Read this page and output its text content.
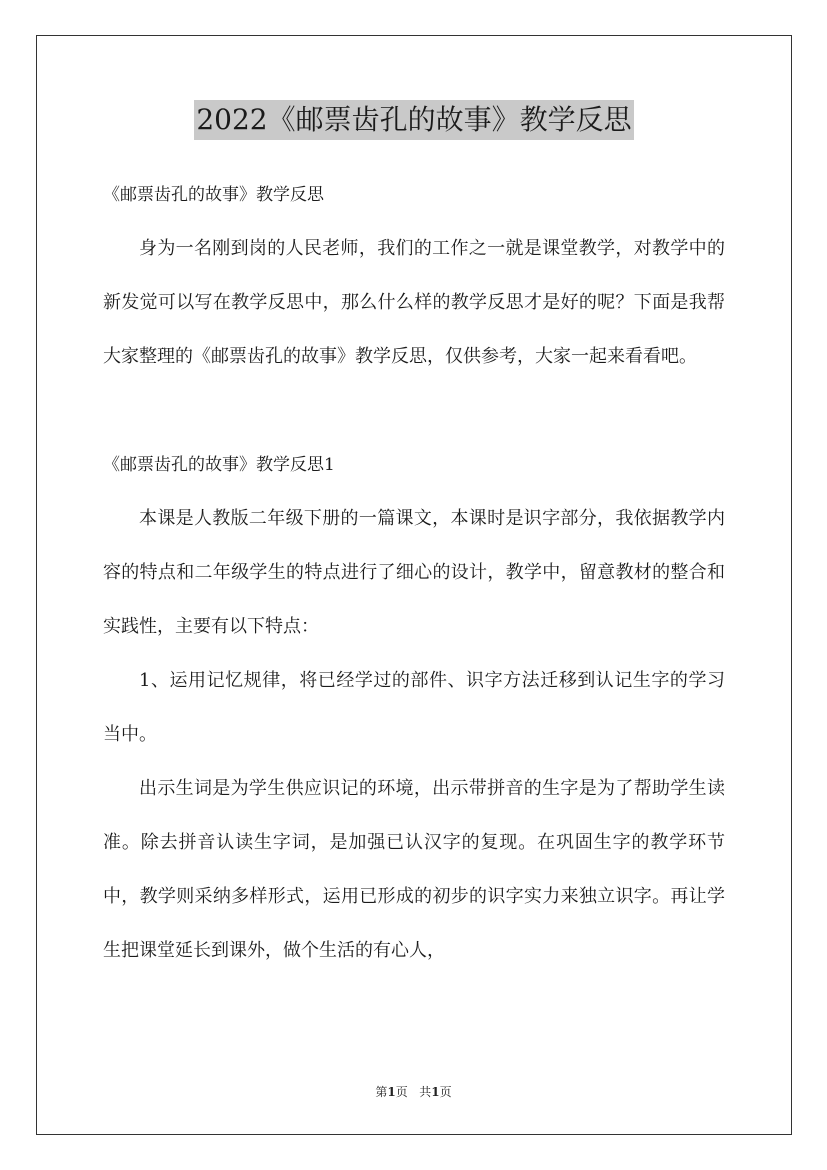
2022《邮票齿孔的故事》教学反思

《邮票齿孔的故事》教学反思

身为一名刚到岗的人民老师，我们的工作之一就是课堂教学，对教学中的新发觉可以写在教学反思中，那么什么样的教学反思才是好的呢？下面是我帮大家整理的《邮票齿孔的故事》教学反思，仅供参考，大家一起来看看吧。

《邮票齿孔的故事》教学反思1

本课是人教版二年级下册的一篇课文，本课时是识字部分，我依据教学内容的特点和二年级学生的特点进行了细心的设计，教学中，留意教材的整合和实践性，主要有以下特点：

1、运用记忆规律，将已经学过的部件、识字方法迁移到认记生字的学习当中。

出示生词是为学生供应识记的环境，出示带拼音的生字是为了帮助学生读准。除去拼音认读生字词，是加强已认汉字的复现。在巩固生字的教学环节中，教学则采纳多样形式，运用已形成的初步的识字实力来独立识字。再让学生把课堂延长到课外，做个生活的有心人，

第1页   共1页
